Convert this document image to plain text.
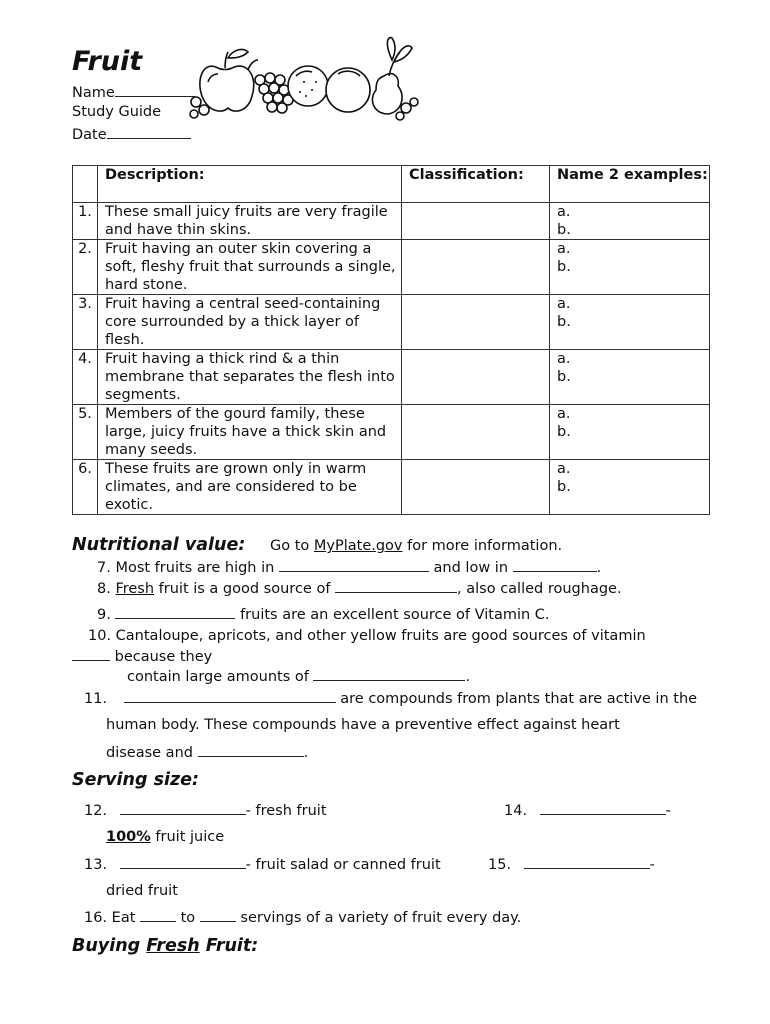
Fruit
Name
Study Guide
Date
	Description:	Classification:	Name 2 examples:
1.	These small juicy fruits are very fragile and have thin skins.		a.
b.

2.	Fruit having an outer skin covering a soft, fleshy fruit that surrounds a single, hard stone.		a.
b.

3.	Fruit having a central seed-containing core surrounded by a thick layer of flesh.		a.
b.

4.	Fruit having a thick rind & a thin membrane that separates the flesh into segments.		a.
b.

5.	Members of the gourd family, these large, juicy fruits have a thick skin and many seeds.		a.
b.

6.	These fruits are grown only in warm climates, and are considered to be exotic.		a.
b.
Nutritional value: Go to MyPlate.gov for more information.
7. Most fruits are high in	and low in	.
8. Fresh fruit is a good source of	, also called roughage.
9.	fruits are an excellent source of Vitamin C.
10. Cantaloupe, apricots, and other yellow fruits are good sources of vitamin
because they
contain large amounts of	.
11.	are compounds from plants that are active in the
human body. These compounds have a preventive effect against heart
disease and	.
Serving size:
12.	- fresh fruit	14.	-
100% fruit juice
13.	- fruit salad or canned fruit	15.	-
dried fruit
16. Eat	to	servings of a variety of fruit every day.
Buying Fresh Fruit:
